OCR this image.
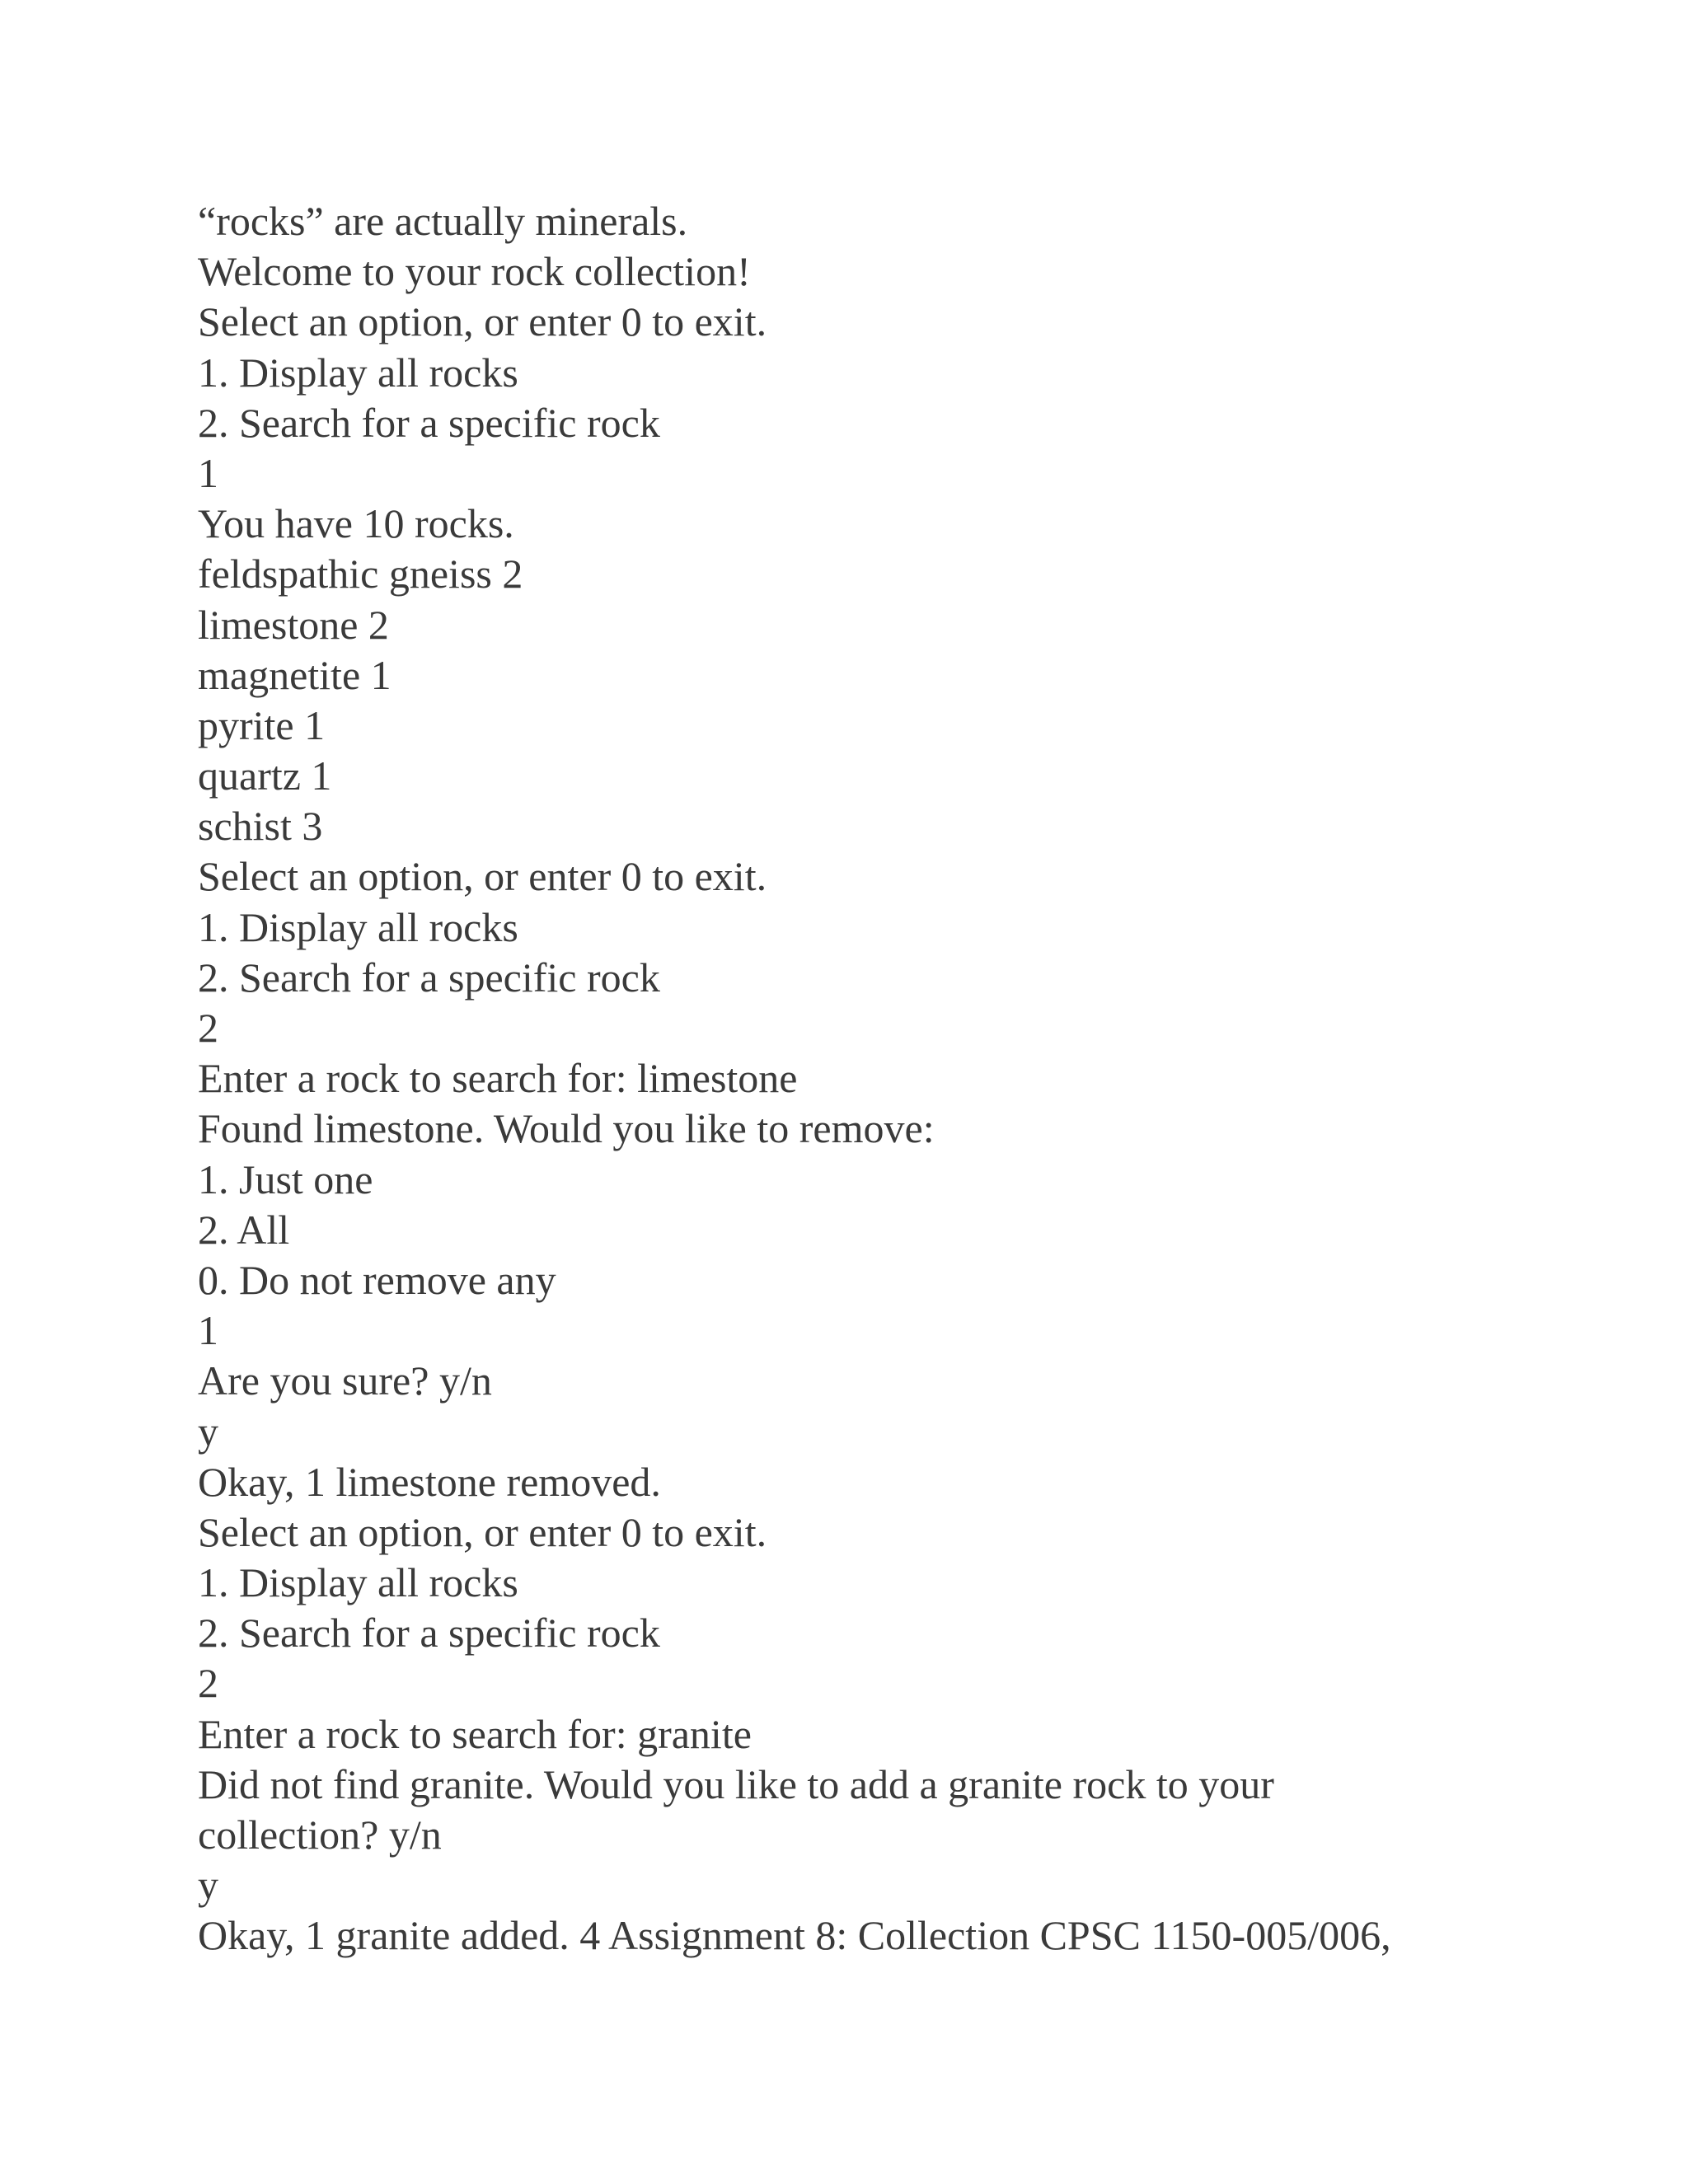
“rocks” are actually minerals.
Welcome to your rock collection!
Select an option, or enter 0 to exit.
1. Display all rocks
2. Search for a specific rock
1
You have 10 rocks.
feldspathic gneiss 2
limestone 2
magnetite 1
pyrite 1
quartz 1
schist 3
Select an option, or enter 0 to exit.
1. Display all rocks
2. Search for a specific rock
2
Enter a rock to search for: limestone
Found limestone. Would you like to remove:
1. Just one
2. All
0. Do not remove any
1
Are you sure? y/n
y
Okay, 1 limestone removed.
Select an option, or enter 0 to exit.
1. Display all rocks
2. Search for a specific rock
2
Enter a rock to search for: granite
Did not find granite. Would you like to add a granite rock to your
collection? y/n
y
Okay, 1 granite added. 4 Assignment 8: Collection CPSC 1150-005/006,
